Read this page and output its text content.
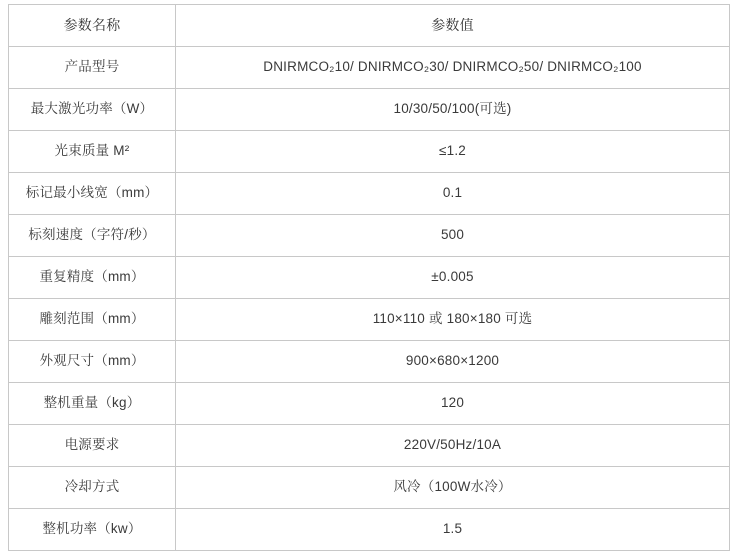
参数名称	参数值
产品型号	DNIRMCO₂10/ DNIRMCO₂30/ DNIRMCO₂50/ DNIRMCO₂100
最大激光功率（W）	10/30/50/100(可选)
光束质量 M²	≤1.2
标记最小线宽（mm）	0.1
标刻速度（字符/秒）	500
重复精度（mm）	±0.005
雕刻范围（mm）	110×110 或 180×180 可选
外观尺寸（mm）	900×680×1200
整机重量（kg）	120
电源要求	220V/50Hz/10A
冷却方式	风冷（100W水冷）
整机功率（kw）	1.5
